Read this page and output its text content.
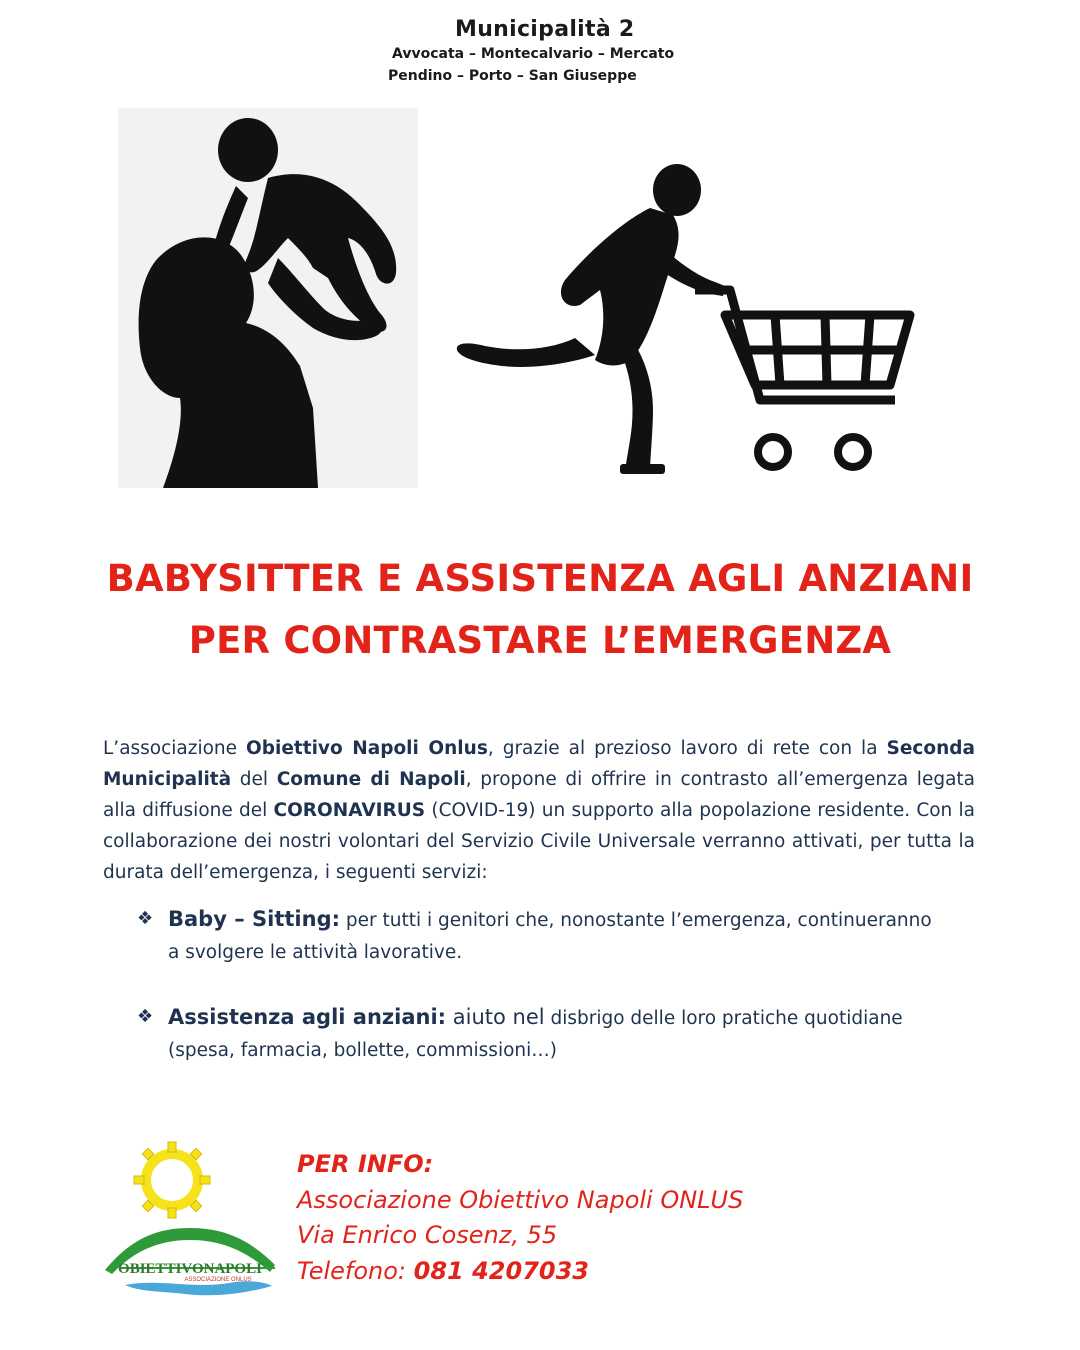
Municipalità 2
Avvocata – Montecalvario – Mercato
Pendino – Porto – San Giuseppe
BABYSITTER E ASSISTENZA AGLI ANZIANI
PER CONTRASTARE L’EMERGENZA
L’associazione Obiettivo Napoli Onlus, grazie al prezioso lavoro di rete con la Seconda Municipalità del Comune di Napoli, propone di offrire in contrasto all’emergenza legata alla diffusione del CORONAVIRUS (COVID-19) un supporto alla popolazione residente. Con la collaborazione dei nostri volontari del Servizio Civile Universale verranno attivati, per tutta la durata dell’emergenza, i seguenti servizi:
❖ Baby – Sitting: per tutti i genitori che, nonostante l’emergenza, continueranno a svolgere le attività lavorative.
❖ Assistenza agli anziani: aiuto nel disbrigo delle loro pratiche quotidiane (spesa, farmacia, bollette, commissioni…)
OBIETTIVONAPOLI
ASSOCIAZIONE ONLUS
PER INFO:
Associazione Obiettivo Napoli ONLUS
Via Enrico Cosenz, 55
Telefono: 081 4207033
